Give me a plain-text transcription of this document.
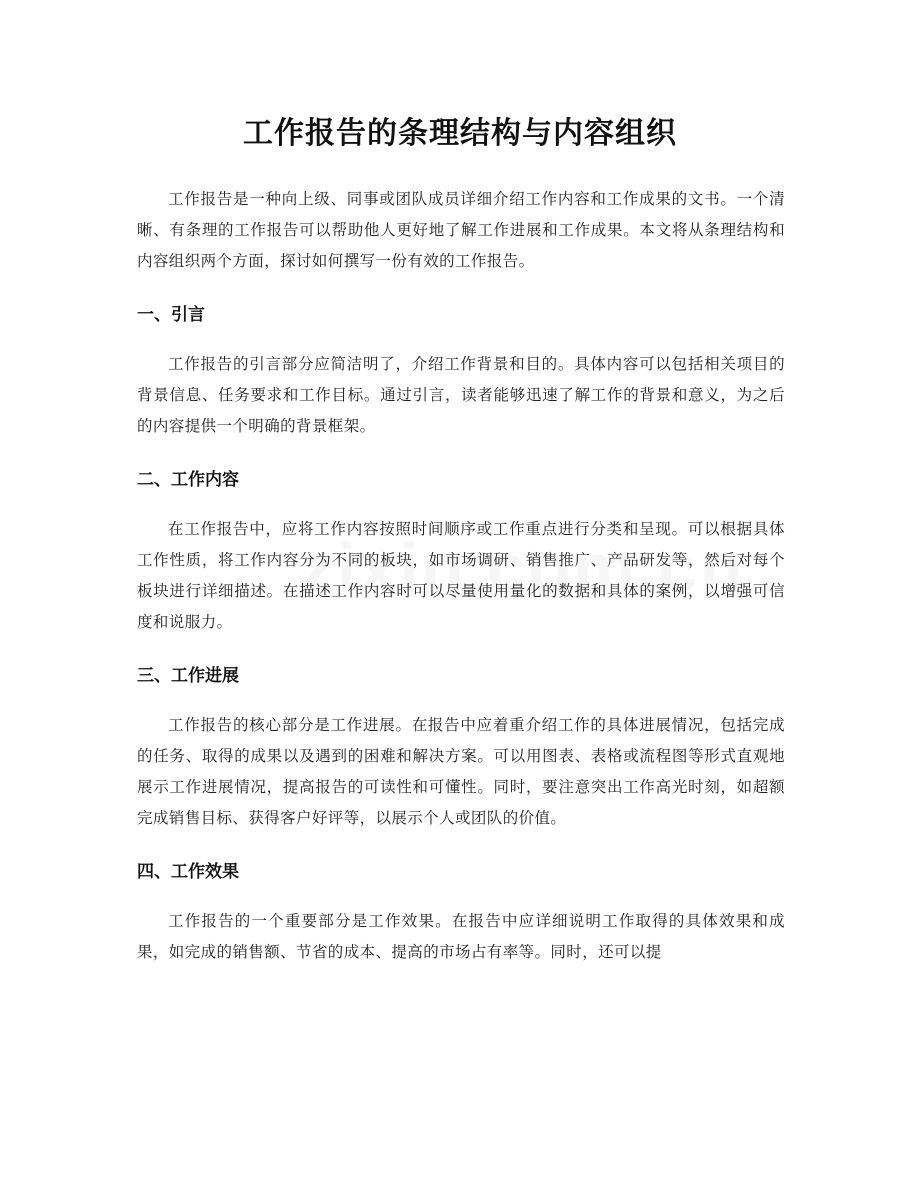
工作报告的条理结构与内容组织

工作报告是一种向上级、同事或团队成员详细介绍工作内容和工作成果的文书。一个清晰、有条理的工作报告可以帮助他人更好地了解工作进展和工作成果。本文将从条理结构和内容组织两个方面，探讨如何撰写一份有效的工作报告。

一、引言

工作报告的引言部分应简洁明了，介绍工作背景和目的。具体内容可以包括相关项目的背景信息、任务要求和工作目标。通过引言，读者能够迅速了解工作的背景和意义，为之后的内容提供一个明确的背景框架。

二、工作内容

在工作报告中，应将工作内容按照时间顺序或工作重点进行分类和呈现。可以根据具体工作性质，将工作内容分为不同的板块，如市场调研、销售推广、产品研发等，然后对每个板块进行详细描述。在描述工作内容时可以尽量使用量化的数据和具体的案例，以增强可信度和说服力。

三、工作进展

工作报告的核心部分是工作进展。在报告中应着重介绍工作的具体进展情况，包括完成的任务、取得的成果以及遇到的困难和解决方案。可以用图表、表格或流程图等形式直观地展示工作进展情况，提高报告的可读性和可懂性。同时，要注意突出工作高光时刻，如超额完成销售目标、获得客户好评等，以展示个人或团队的价值。

四、工作效果

工作报告的一个重要部分是工作效果。在报告中应详细说明工作取得的具体效果和成果，如完成的销售额、节省的成本、提高的市场占有率等。同时，还可以提
